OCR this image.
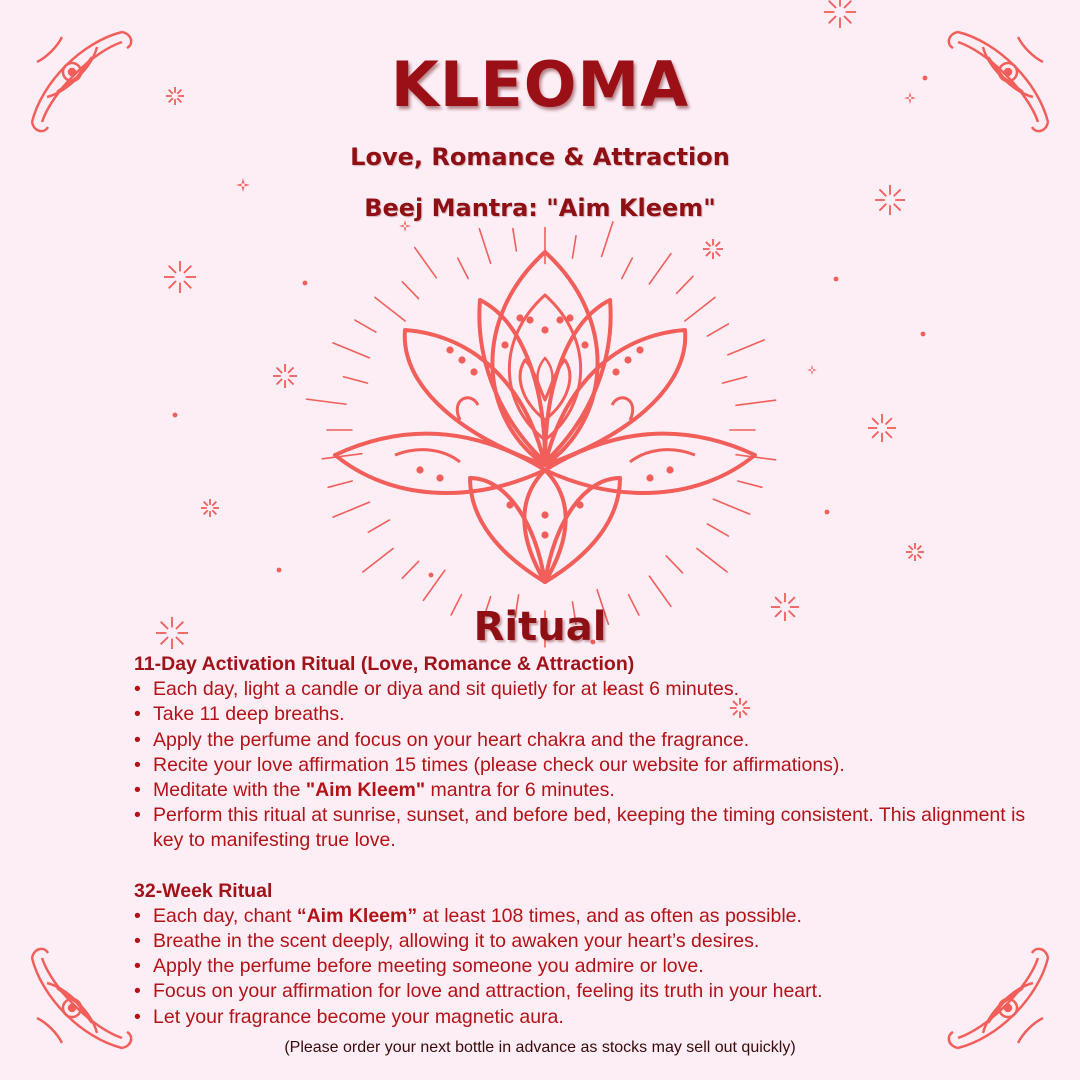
KLEOMA
Love, Romance & Attraction
Beej Mantra: "Aim Kleem"
Ritual
11-Day Activation Ritual (Love, Romance & Attraction)
• Each day, light a candle or diya and sit quietly for at least 6 minutes.
• Take 11 deep breaths.
• Apply the perfume and focus on your heart chakra and the fragrance.
• Recite your love affirmation 15 times (please check our website for affirmations).
• Meditate with the "Aim Kleem" mantra for 6 minutes.
• Perform this ritual at sunrise, sunset, and before bed, keeping the timing consistent. This alignment is key to manifesting true love.
32-Week Ritual
• Each day, chant “Aim Kleem” at least 108 times, and as often as possible.
• Breathe in the scent deeply, allowing it to awaken your heart’s desires.
• Apply the perfume before meeting someone you admire or love.
• Focus on your affirmation for love and attraction, feeling its truth in your heart.
• Let your fragrance become your magnetic aura.
(Please order your next bottle in advance as stocks may sell out quickly)
